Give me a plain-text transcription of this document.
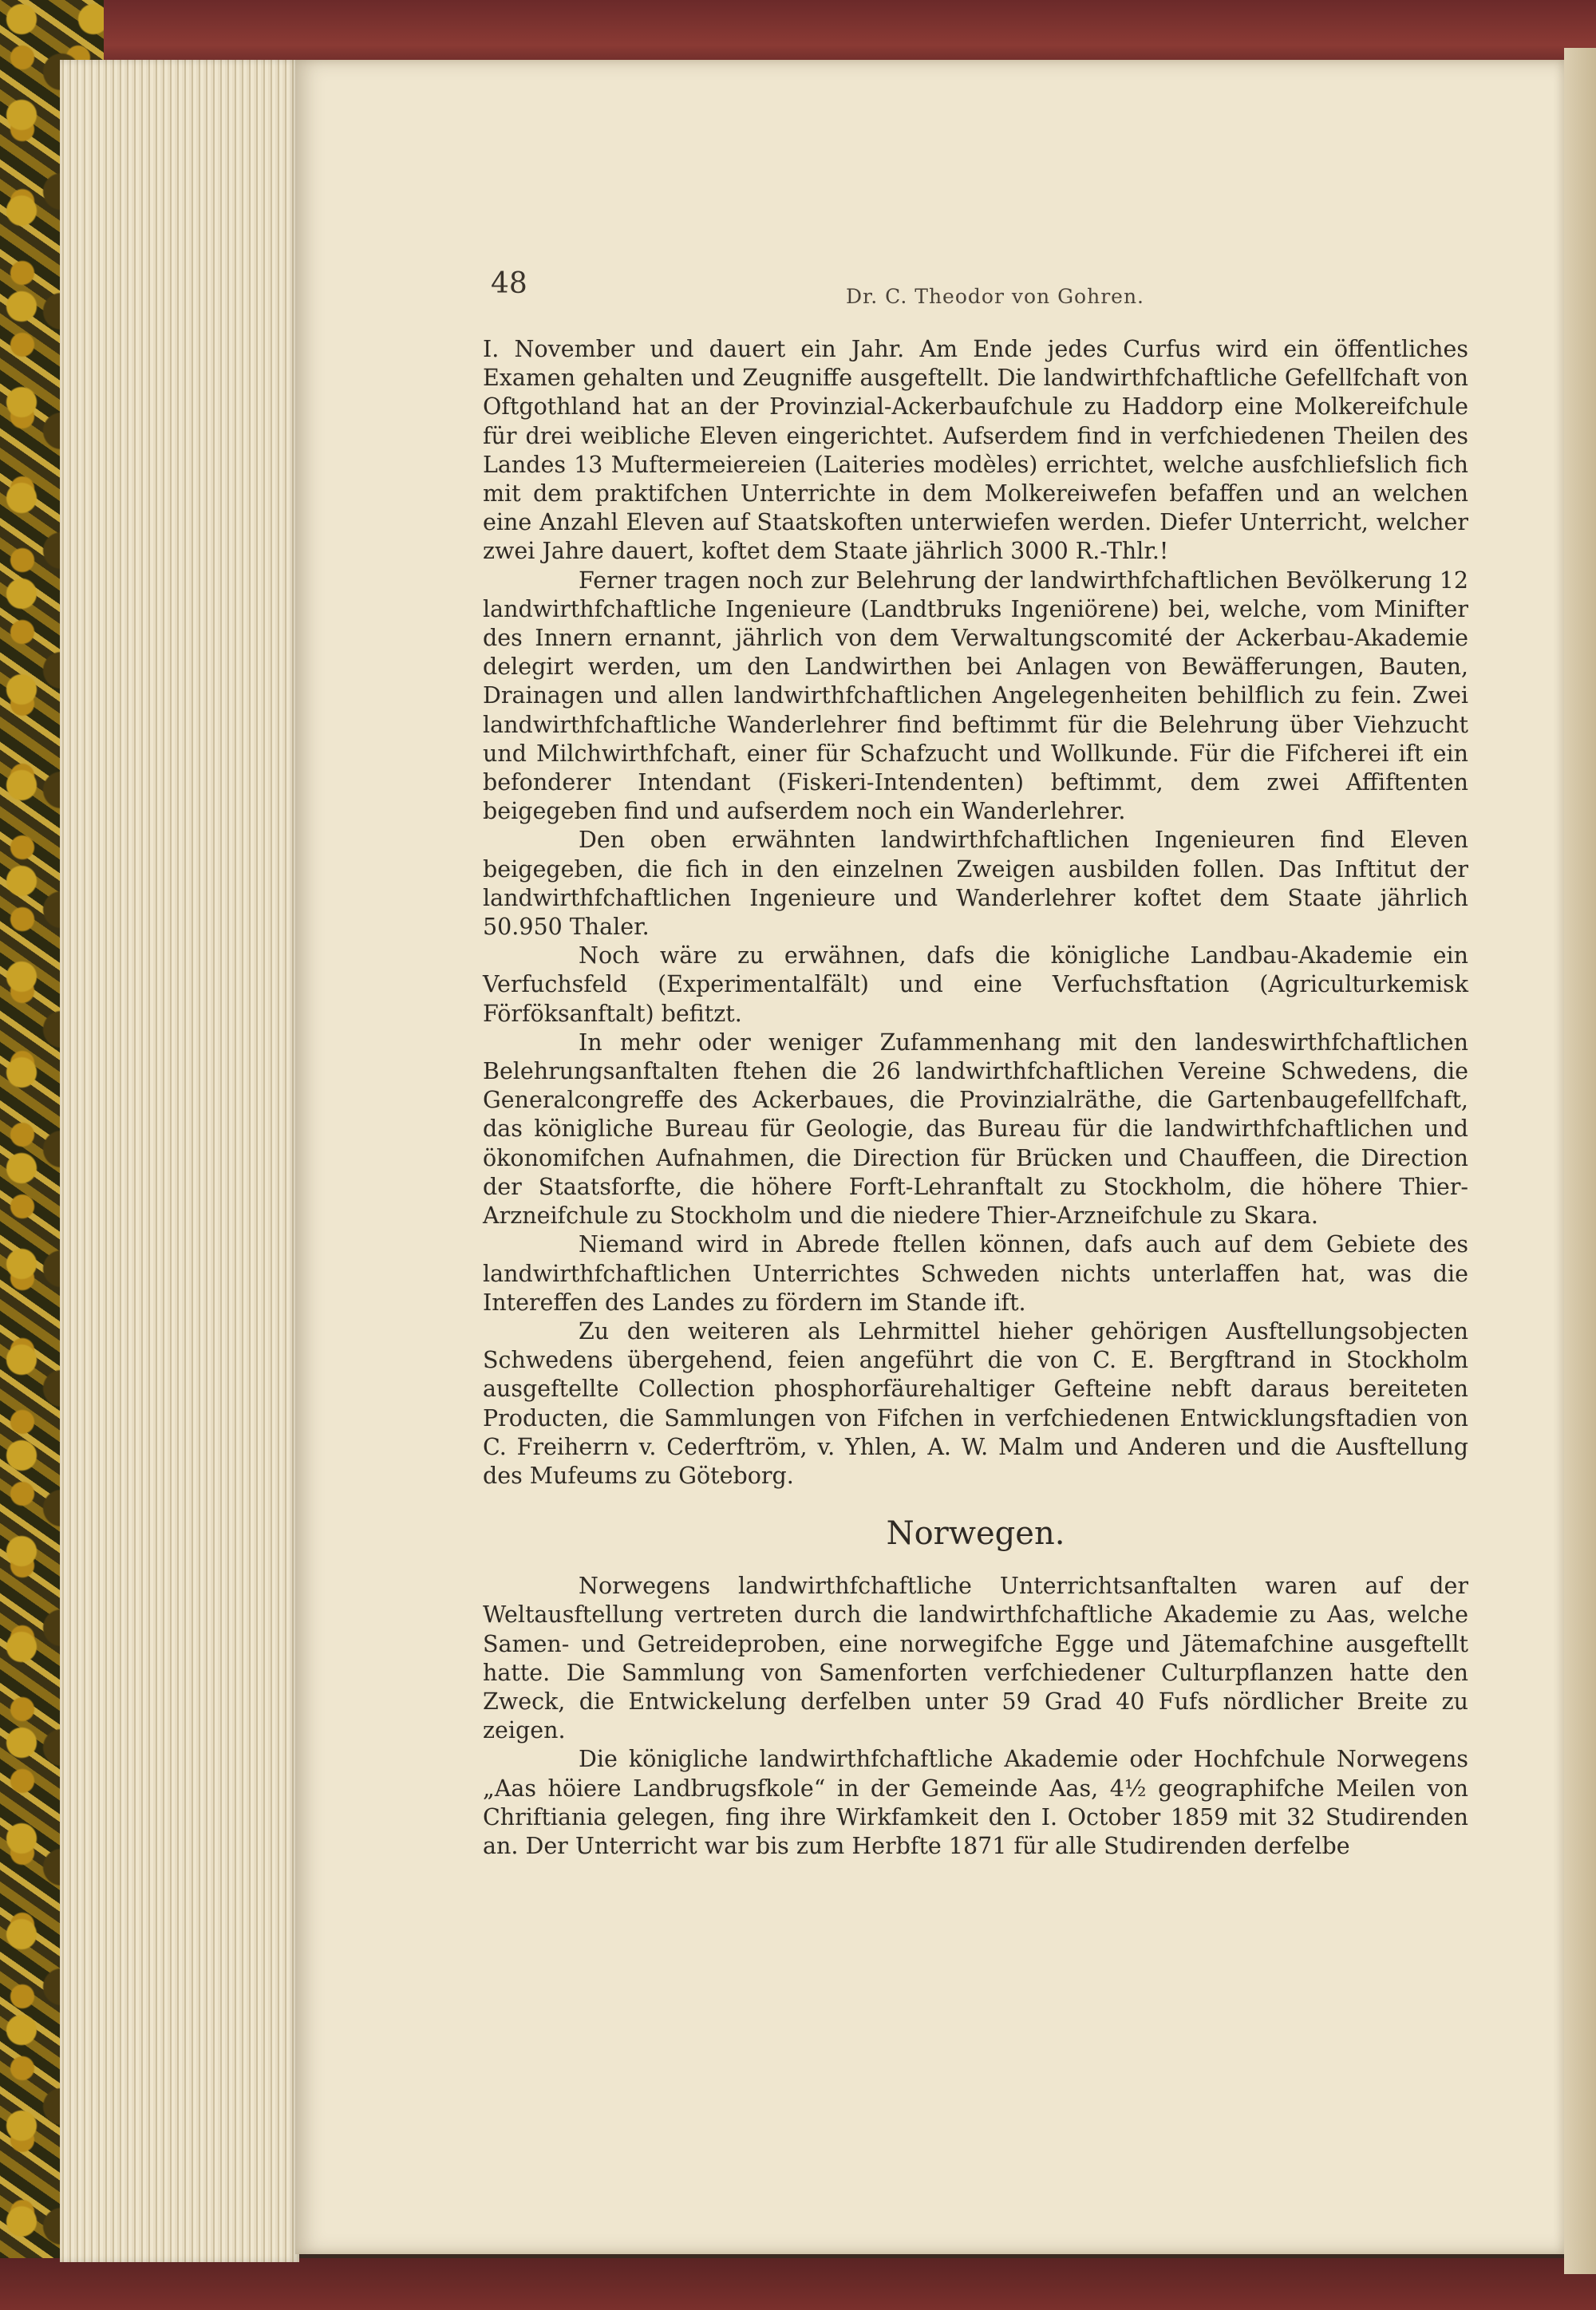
48	Dr. C. Theodor von Gohren.

I. November und dauert ein Jahr. Am Ende jedes Curfus wird ein öffentliches Examen gehalten und Zeugniffe ausgeftellt. Die landwirthfchaftliche Gefellfchaft von Oftgothland hat an der Provinzial-Ackerbaufchule zu Haddorp eine Molkereifchule für drei weibliche Eleven eingerichtet. Aufserdem find in verfchiedenen Theilen des Landes 13 Muftermeiereien (Laiteries modèles) errichtet, welche ausfchliefslich fich mit dem praktifchen Unterrichte in dem Molkereiwefen befaffen und an welchen eine Anzahl Eleven auf Staatskoften unterwiefen werden. Diefer Unterricht, welcher zwei Jahre dauert, koftet dem Staate jährlich 3000 R.-Thlr.!

Ferner tragen noch zur Belehrung der landwirthfchaftlichen Bevölkerung 12 landwirthfchaftliche Ingenieure (Landtbruks Ingeniörene) bei, welche, vom Minifter des Innern ernannt, jährlich von dem Verwaltungscomité der Ackerbau-Akademie delegirt werden, um den Landwirthen bei Anlagen von Bewäfferungen, Bauten, Drainagen und allen landwirthfchaftlichen Angelegenheiten behilflich zu fein. Zwei landwirthfchaftliche Wanderlehrer find beftimmt für die Belehrung über Viehzucht und Milchwirthfchaft, einer für Schafzucht und Wollkunde. Für die Fifcherei ift ein befonderer Intendant (Fiskeri-Intendenten) beftimmt, dem zwei Affiftenten beigegeben find und aufserdem noch ein Wanderlehrer.

Den oben erwähnten landwirthfchaftlichen Ingenieuren find Eleven beigegeben, die fich in den einzelnen Zweigen ausbilden follen. Das Inftitut der landwirthfchaftlichen Ingenieure und Wanderlehrer koftet dem Staate jährlich 50.950 Thaler.

Noch wäre zu erwähnen, dafs die königliche Landbau-Akademie ein Verfuchsfeld (Experimentalfält) und eine Verfuchsftation (Agriculturkemisk Förföksanftalt) befitzt.

In mehr oder weniger Zufammenhang mit den landeswirthfchaftlichen Belehrungsanftalten ftehen die 26 landwirthfchaftlichen Vereine Schwedens, die Generalcongreffe des Ackerbaues, die Provinzialräthe, die Gartenbaugefellfchaft, das königliche Bureau für Geologie, das Bureau für die landwirthfchaftlichen und ökonomifchen Aufnahmen, die Direction für Brücken und Chauffeen, die Direction der Staatsforfte, die höhere Forft-Lehranftalt zu Stockholm, die höhere Thier-Arzneifchule zu Stockholm und die niedere Thier-Arzneifchule zu Skara.

Niemand wird in Abrede ftellen können, dafs auch auf dem Gebiete des landwirthfchaftlichen Unterrichtes Schweden nichts unterlaffen hat, was die Intereffen des Landes zu fördern im Stande ift.

Zu den weiteren als Lehrmittel hieher gehörigen Ausftellungsobjecten Schwedens übergehend, feien angeführt die von C. E. Bergftrand in Stockholm ausgeftellte Collection phosphorfäurehaltiger Gefteine nebft daraus bereiteten Producten, die Sammlungen von Fifchen in verfchiedenen Entwicklungsftadien von C. Freiherrn v. Cederftröm, v. Yhlen, A. W. Malm und Anderen und die Ausftellung des Mufeums zu Göteborg.

Norwegen.

Norwegens landwirthfchaftliche Unterrichtsanftalten waren auf der Weltausftellung vertreten durch die landwirthfchaftliche Akademie zu Aas, welche Samen- und Getreideproben, eine norwegifche Egge und Jätemafchine ausgeftellt hatte. Die Sammlung von Samenforten verfchiedener Culturpflanzen hatte den Zweck, die Entwickelung derfelben unter 59 Grad 40 Fufs nördlicher Breite zu zeigen.

Die königliche landwirthfchaftliche Akademie oder Hochfchule Norwegens „Aas höiere Landbrugsfkole“ in der Gemeinde Aas, 4½ geographifche Meilen von Chriftiania gelegen, fing ihre Wirkfamkeit den I. October 1859 mit 32 Studirenden an. Der Unterricht war bis zum Herbfte 1871 für alle Studirenden derfelbe
